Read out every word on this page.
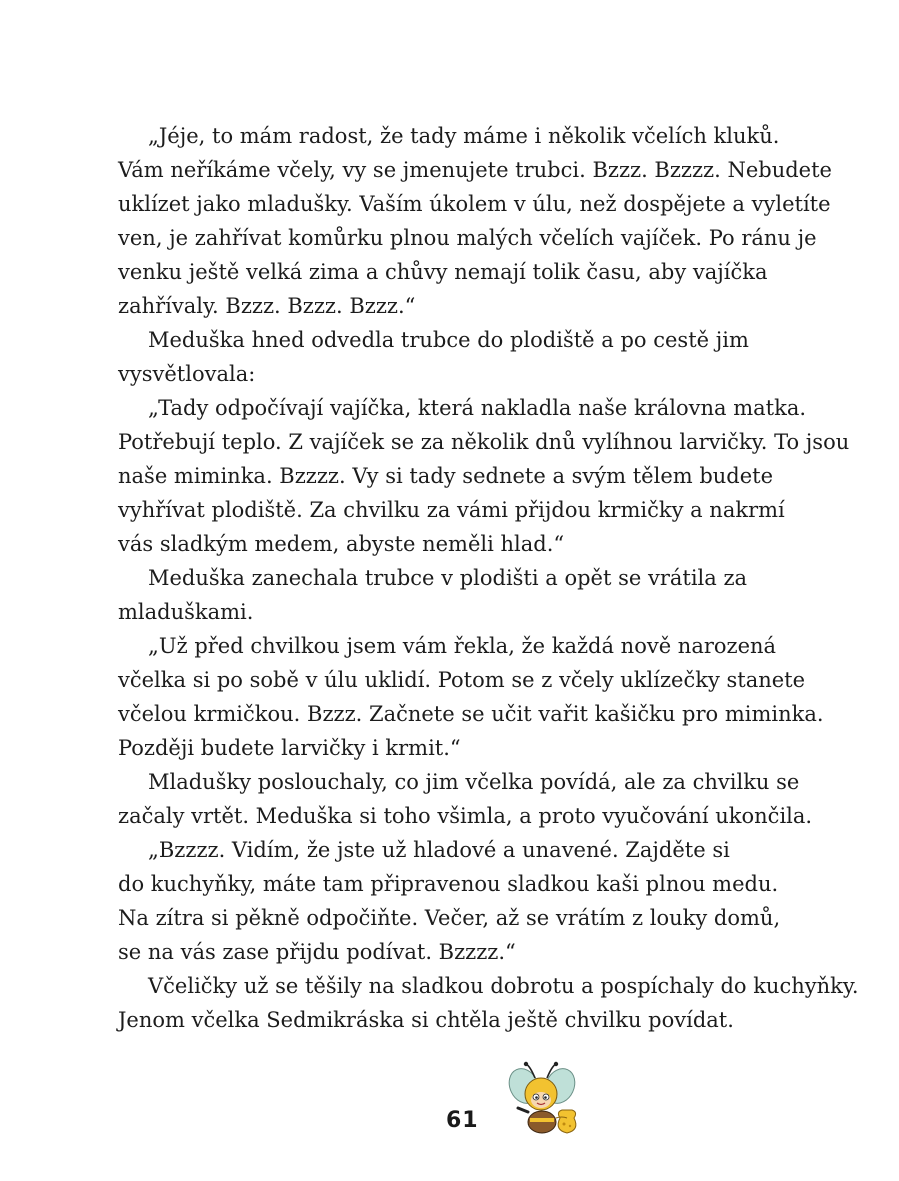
„Jéje, to mám radost, že tady máme i několik včelích kluků.
Vám neříkáme včely, vy se jmenujete trubci. Bzzz. Bzzzz. Nebudete
uklízet jako mladušky. Vaším úkolem v úlu, než dospějete a vyletíte
ven, je zahřívat komůrku plnou malých včelích vajíček. Po ránu je
venku ještě velká zima a chůvy nemají tolik času, aby vajíčka
zahřívaly. Bzzz. Bzzz. Bzzz.“
Meduška hned odvedla trubce do plodiště a po cestě jim
vysvětlovala:
„Tady odpočívají vajíčka, která nakladla naše královna matka.
Potřebují teplo. Z vajíček se za několik dnů vylíhnou larvičky. To jsou
naše miminka. Bzzzz. Vy si tady sednete a svým tělem budete
vyhřívat plodiště. Za chvilku za vámi přijdou krmičky a nakrmí
vás sladkým medem, abyste neměli hlad.“
Meduška zanechala trubce v plodišti a opět se vrátila za
mladuškami.
„Už před chvilkou jsem vám řekla, že každá nově narozená
včelka si po sobě v úlu uklidí. Potom se z včely uklízečky stanete
včelou krmičkou. Bzzz. Začnete se učit vařit kašičku pro miminka.
Později budete larvičky i krmit.“
Mladušky poslouchaly, co jim včelka povídá, ale za chvilku se
začaly vrtět. Meduška si toho všimla, a proto vyučování ukončila.
„Bzzzz. Vidím, že jste už hladové a unavené. Zajděte si
do kuchyňky, máte tam připravenou sladkou kaši plnou medu.
Na zítra si pěkně odpočiňte. Večer, až se vrátím z louky domů,
se na vás zase přijdu podívat. Bzzzz.“
Včeličky už se těšily na sladkou dobrotu a pospíchaly do kuchyňky.
Jenom včelka Sedmikráska si chtěla ještě chvilku povídat.
61
